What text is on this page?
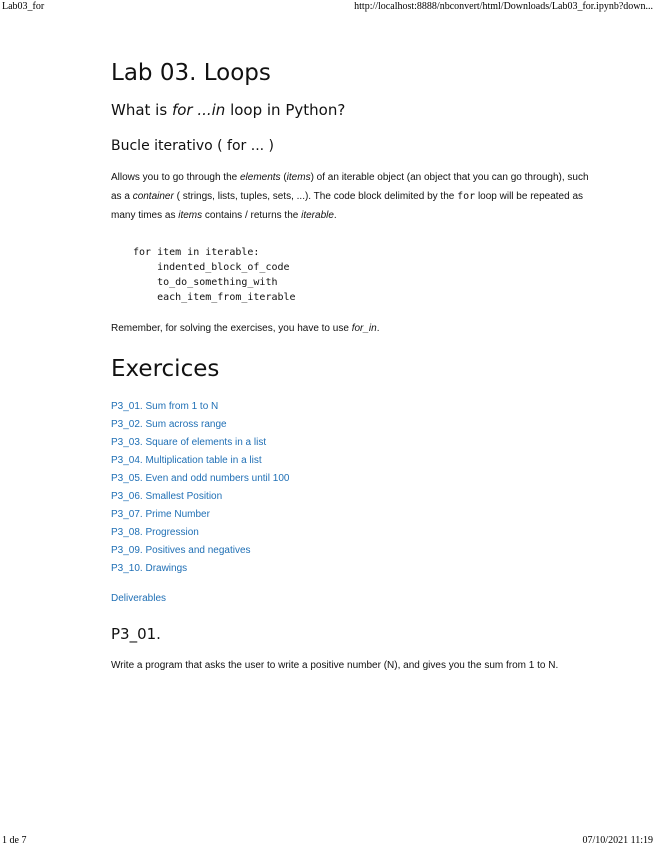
Lab03_for	http://localhost:8888/nbconvert/html/Downloads/Lab03_for.ipynb?down...
Lab 03. Loops
What is for ...in loop in Python?
Bucle iterativo ( for ... )

Allows you to go through the elements (items) of an iterable object (an object that you can go through), such as a container ( strings, lists, tuples, sets, ...). The code block delimited by the for loop will be repeated as many times as items contains / returns the iterable.

for item in iterable:
indented_block_of_code
to_do_something_with
each_item_from_iterable

Remember, for solving the exercises, you have to use for_in.

Exercices
P3_01. Sum from 1 to N
P3_02. Sum across range
P3_03. Square of elements in a list
P3_04. Multiplication table in a list
P3_05. Even and odd numbers until 100
P3_06. Smallest Position
P3_07. Prime Number
P3_08. Progression
P3_09. Positives and negatives
P3_10. Drawings
Deliverables
P3_01.

Write a program that asks the user to write a positive number (N), and gives you the sum from 1 to N.

1 de 7	07/10/2021 11:19
